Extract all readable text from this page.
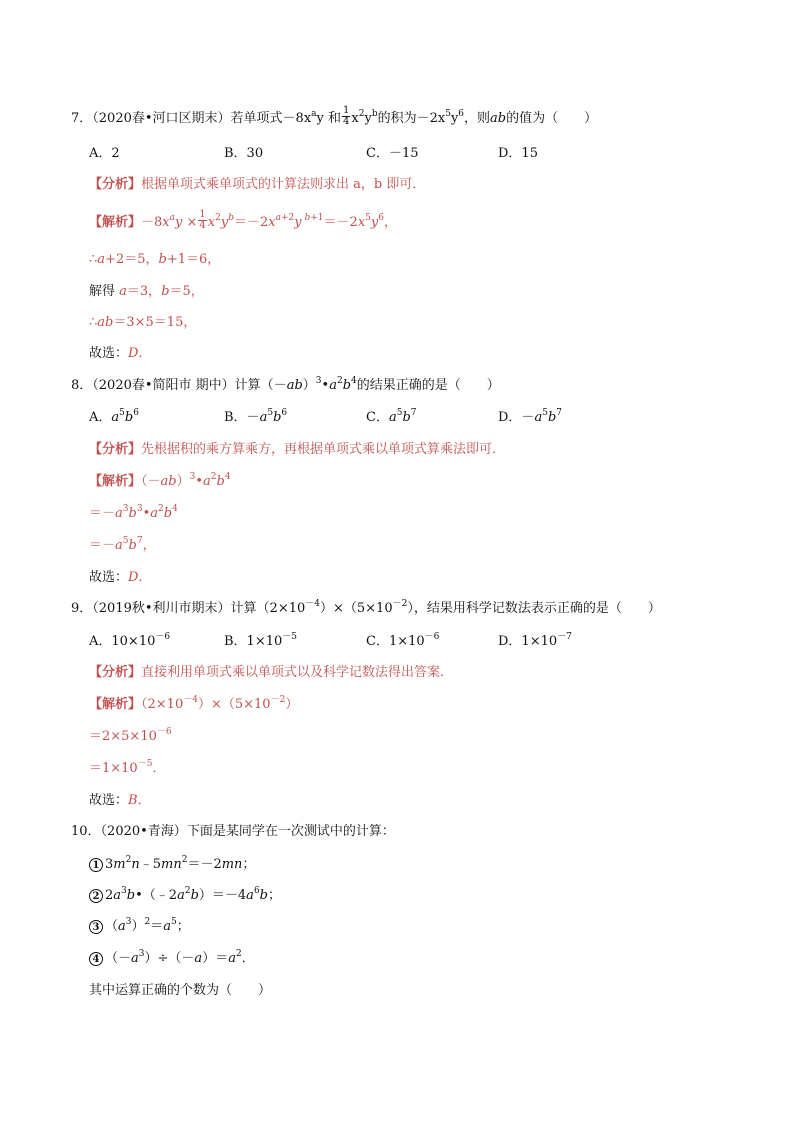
7．（2020春•河口区期末）若单项式$-8x^ay$ 和 $\frac{1}{4} x^2y^b$的积为$-2x^5y^6$，则ab的值为（　　）
A．2	B．30	C．－15	D．15
【分析】根据单项式乘单项式的计算法则求出 a，b 即可．
【解析】$-8x^ay \times \frac{1}{4} x^2y^b=-2x^{a+2}y$ $^{b+1}=-2x^5y^6$，
∴a+2＝5，b+1＝6，
解得 a＝3，b＝5，
∴ab＝3×5＝15，
故选：D．
8．（2020春•简阳市 期中）计算$(-ab)^3•a^2b^4$的结果正确的是（　　）
A．$a^5b^6$	B．$-a^5b^6$	C．$a^5b^7$	D．$-a^5b^7$
【分析】先根据积的乘方算乘方，再根据单项式乘以单项式算乘法即可．
【解析】$(-ab)^3•a^2b^4$
$=-a^3b^3•a^2b^4$
$=-a^5b^7$，
故选：D．
9．（2019秋•利川市期末）计算$(2\times 10^{-4})\times(5\times 10^{-2})$，结果用科学记数法表示正确的是（　　）
A．$10\times 10^{-6}$	B．$1\times 10^{-5}$	C．$1\times 10^{-6}$	D．$1\times 10^{-7}$
【分析】直接利用单项式乘以单项式以及科学记数法得出答案．
【解析】$(2\times 10^{-4})\times(5\times 10^{-2})$
$=2\times 5\times 10^{-6}$
$=1\times 10^{-5}$．
故选：B．
10．（2020•青海）下面是某同学在一次测试中的计算：
1 $3m^2n﹣5mn^2=-2mn$；
2 $2a^3b•(﹣2a^2b)=-4a^6b$；
3 $(a^3)^2=a^5$；
4 $(-a^3)\div(-a)=a^2$．
其中运算正确的个数为（　　）
